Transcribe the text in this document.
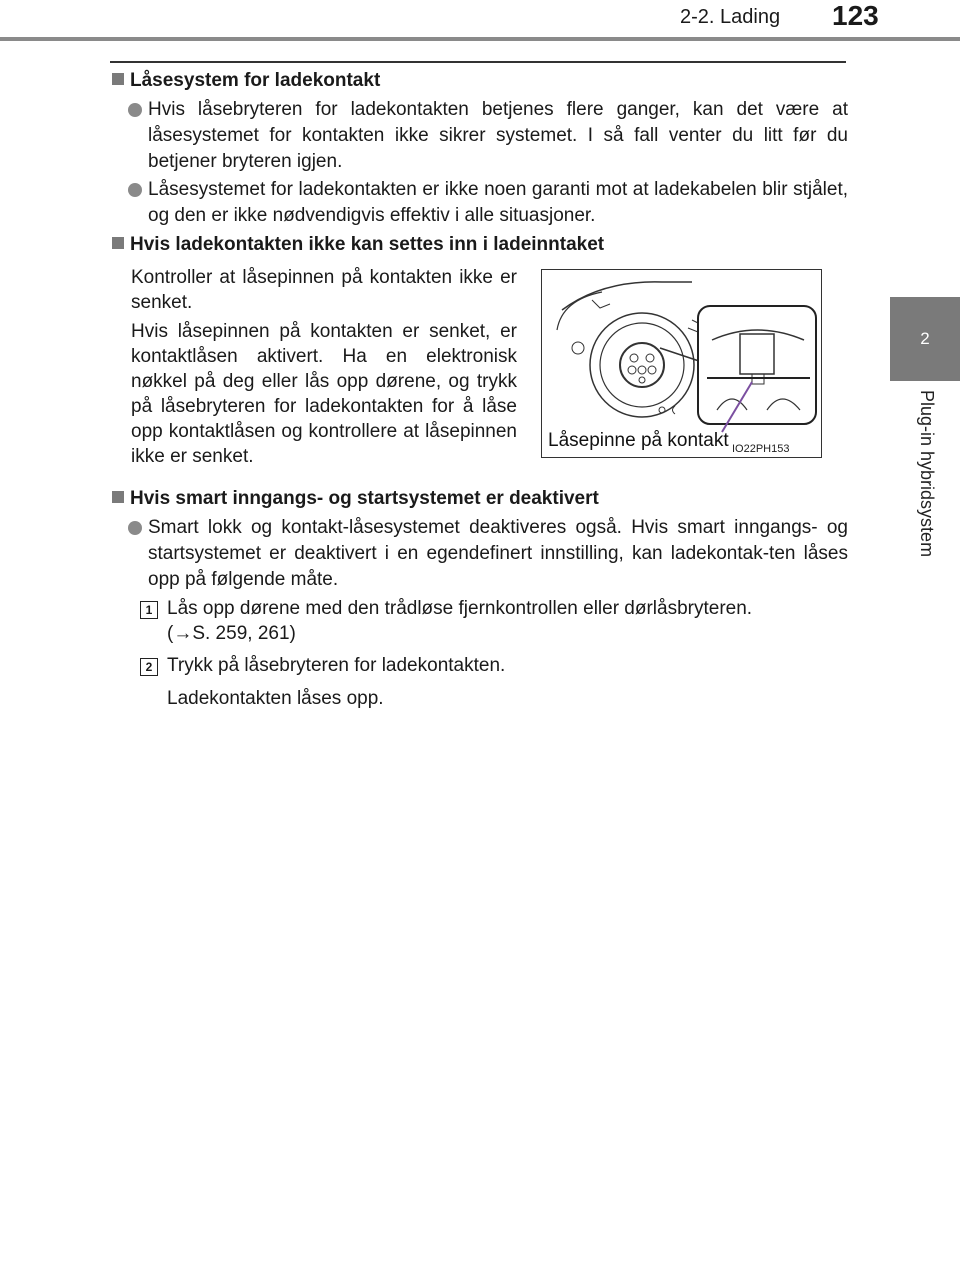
2-2. Lading 123
2
Plug-in hybridsystem
Låsesystem for ladekontakt

Hvis låsebryteren for ladekontakten betjenes flere ganger, kan det være at låsesystemet for kontakten ikke sikrer systemet. I så fall venter du litt før du betjener bryteren igjen.

Låsesystemet for ladekontakten er ikke noen garanti mot at ladekabelen blir stjålet, og den er ikke nødvendigvis effektiv i alle situasjoner.

Hvis ladekontakten ikke kan settes inn i ladeinntaket

Kontroller at låsepinnen på kontakten ikke er senket.

Hvis låsepinnen på kontakten er senket, er kontaktlåsen aktivert. Ha en elektronisk nøkkel på deg eller lås opp dørene, og trykk på låsebryteren for ladekontakten for å låse opp kontaktlåsen og kontrollere at låsepinnen ikke er senket.

Låsepinne på kontakt IO22PH153
Hvis smart inngangs- og startsystemet er deaktivert

Smart lokk og kontakt-låsesystemet deaktiveres også. Hvis smart inngangs- og startsystemet er deaktivert i en egendefinert innstilling, kan ladekontak-ten låses opp på følgende måte.

1 Lås opp dørene med den trådløse fjernkontrollen eller dørlåsbryteren.
(→S. 259, 261)
2 Trykk på låsebryteren for ladekontakten.
Ladekontakten låses opp.
